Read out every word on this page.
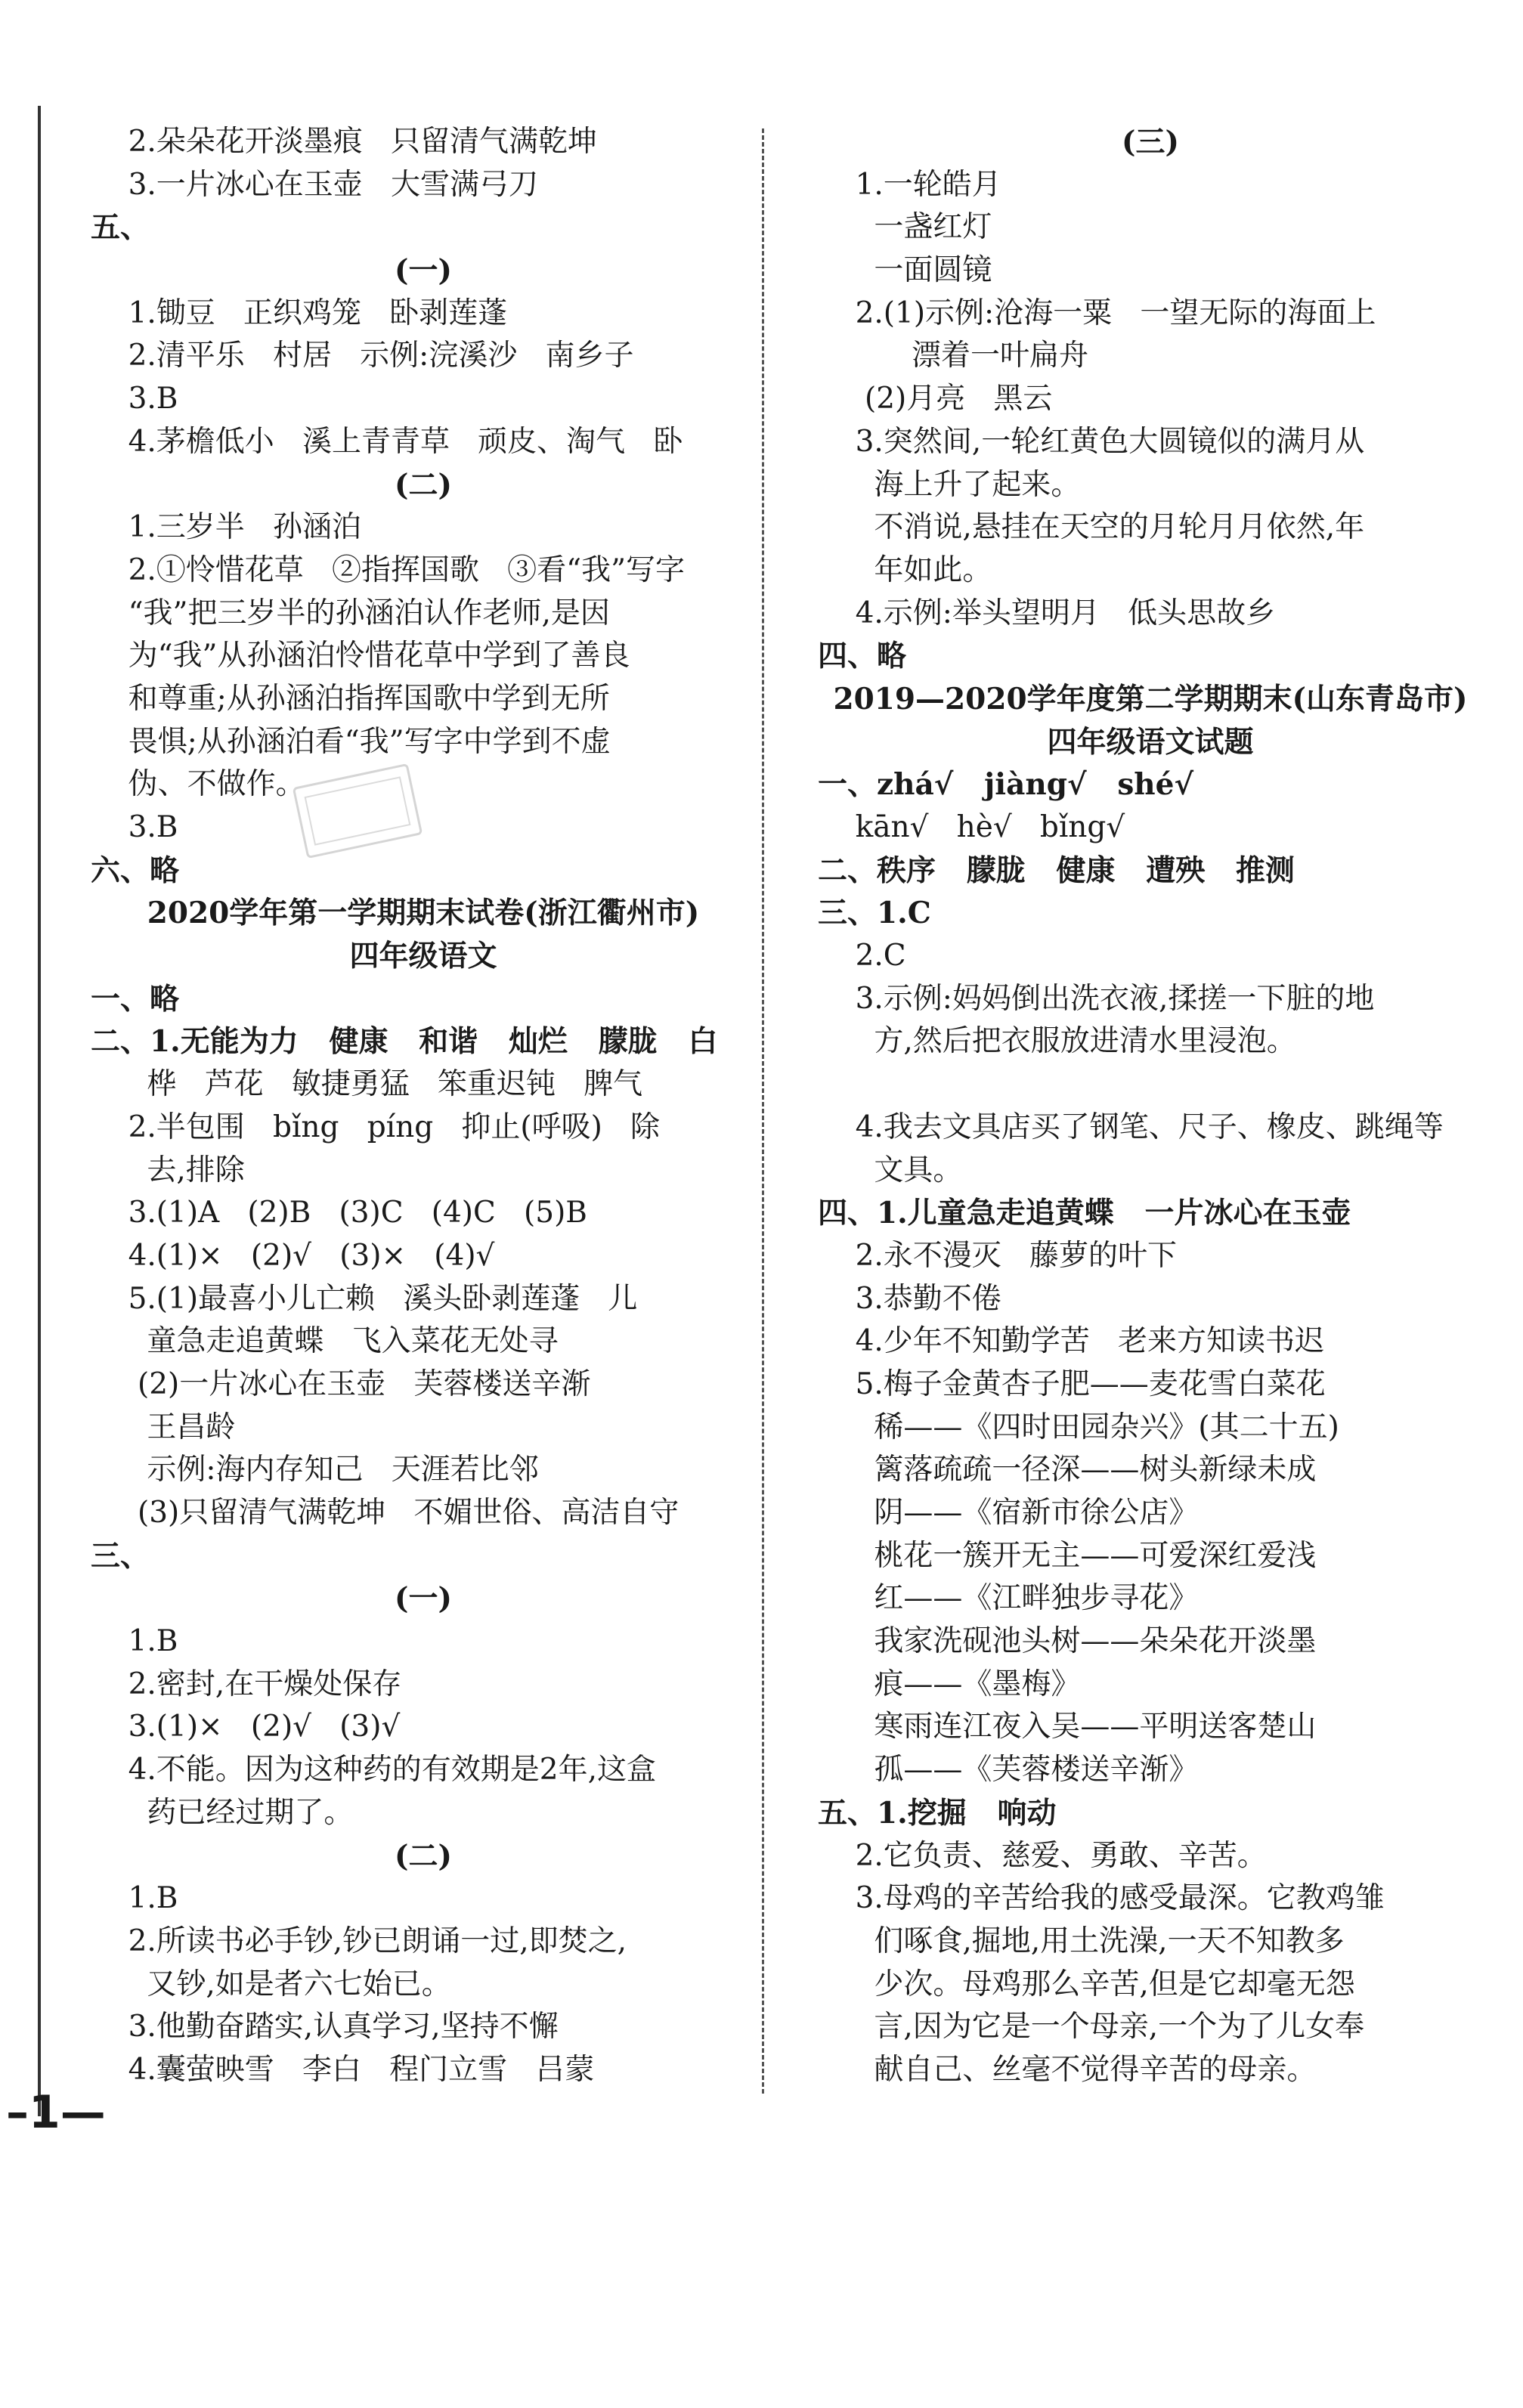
2.朵朵花开淡墨痕   只留清气满乾坤
3.一片冰心在玉壶   大雪满弓刀
五、
(一)
1.锄豆   正织鸡笼   卧剥莲蓬
2.清平乐   村居   示例:浣溪沙   南乡子
3.B
4.茅檐低小   溪上青青草   顽皮、淘气   卧
(二)
1.三岁半   孙涵泊
2.①怜惜花草   ②指挥国歌   ③看“我”写字
“我”把三岁半的孙涵泊认作老师,是因
为“我”从孙涵泊怜惜花草中学到了善良
和尊重;从孙涵泊指挥国歌中学到无所
畏惧;从孙涵泊看“我”写字中学到不虚
伪、不做作。
3.B
六、略
2020学年第一学期期末试卷(浙江衢州市)
四年级语文
一、略
二、1.无能为力   健康   和谐   灿烂   朦胧   白
桦   芦花   敏捷勇猛   笨重迟钝   脾气
2.半包围   bǐng   píng   抑止(呼吸)   除
去,排除
3.(1)A   (2)B   (3)C   (4)C   (5)B
4.(1)×   (2)√   (3)×   (4)√
5.(1)最喜小儿亡赖   溪头卧剥莲蓬   儿
童急走追黄蝶   飞入菜花无处寻
(2)一片冰心在玉壶   芙蓉楼送辛渐
王昌龄
示例:海内存知己   天涯若比邻
(3)只留清气满乾坤   不媚世俗、高洁自守
三、
(一)
1.B
2.密封,在干燥处保存
3.(1)×   (2)√   (3)√
4.不能。因为这种药的有效期是2年,这盒
药已经过期了。
(二)
1.B
2.所读书必手钞,钞已朗诵一过,即焚之,
又钞,如是者六七始已。
3.他勤奋踏实,认真学习,坚持不懈
4.囊萤映雪   李白   程门立雪   吕蒙
(三)
1.一轮皓月
一盏红灯
一面圆镜
2.(1)示例:沧海一粟   一望无际的海面上
漂着一叶扁舟
(2)月亮   黑云
3.突然间,一轮红黄色大圆镜似的满月从
海上升了起来。
不消说,悬挂在天空的月轮月月依然,年
年如此。
4.示例:举头望明月   低头思故乡
四、略
2019—2020学年度第二学期期末(山东青岛市)
四年级语文试题
一、zhá√   jiàng√   shé√
kān√   hè√   bǐng√
二、秩序   朦胧   健康   遭殃   推测
三、1.C
2.C
3.示例:妈妈倒出洗衣液,揉搓一下脏的地
方,然后把衣服放进清水里浸泡。
4.我去文具店买了钢笔、尺子、橡皮、跳绳等
文具。
四、1.儿童急走追黄蝶   一片冰心在玉壶
2.永不漫灭   藤萝的叶下
3.恭勤不倦
4.少年不知勤学苦   老来方知读书迟
5.梅子金黄杏子肥——麦花雪白菜花
稀——《四时田园杂兴》(其二十五)
篱落疏疏一径深——树头新绿未成
阴——《宿新市徐公店》
桃花一簇开无主——可爱深红爱浅
红——《江畔独步寻花》
我家洗砚池头树——朵朵花开淡墨
痕——《墨梅》
寒雨连江夜入吴——平明送客楚山
孤——《芙蓉楼送辛渐》
五、1.挖掘   响动
2.它负责、慈爱、勇敢、辛苦。
3.母鸡的辛苦给我的感受最深。它教鸡雏
们啄食,掘地,用土洗澡,一天不知教多
少次。母鸡那么辛苦,但是它却毫无怨
言,因为它是一个母亲,一个为了儿女奉
献自己、丝毫不觉得辛苦的母亲。
–1—
